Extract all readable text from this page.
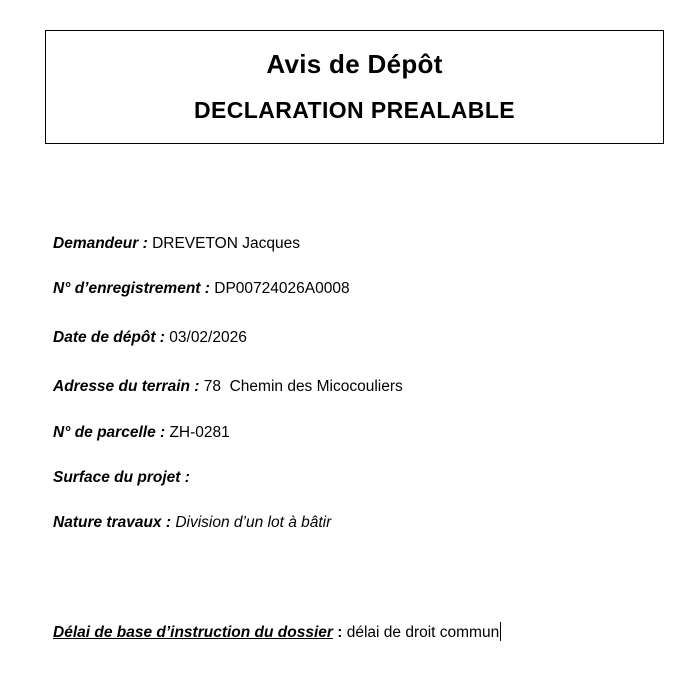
Avis de Dépôt
DECLARATION PREALABLE
Demandeur : DREVETON Jacques
N° d’enregistrement : DP00724026A0008
Date de dépôt : 03/02/2026
Adresse du terrain : 78  Chemin des Micocouliers
N° de parcelle : ZH-0281
Surface du projet :
Nature travaux : Division d’un lot à bâtir
Délai de base d’instruction du dossier : délai de droit commun
